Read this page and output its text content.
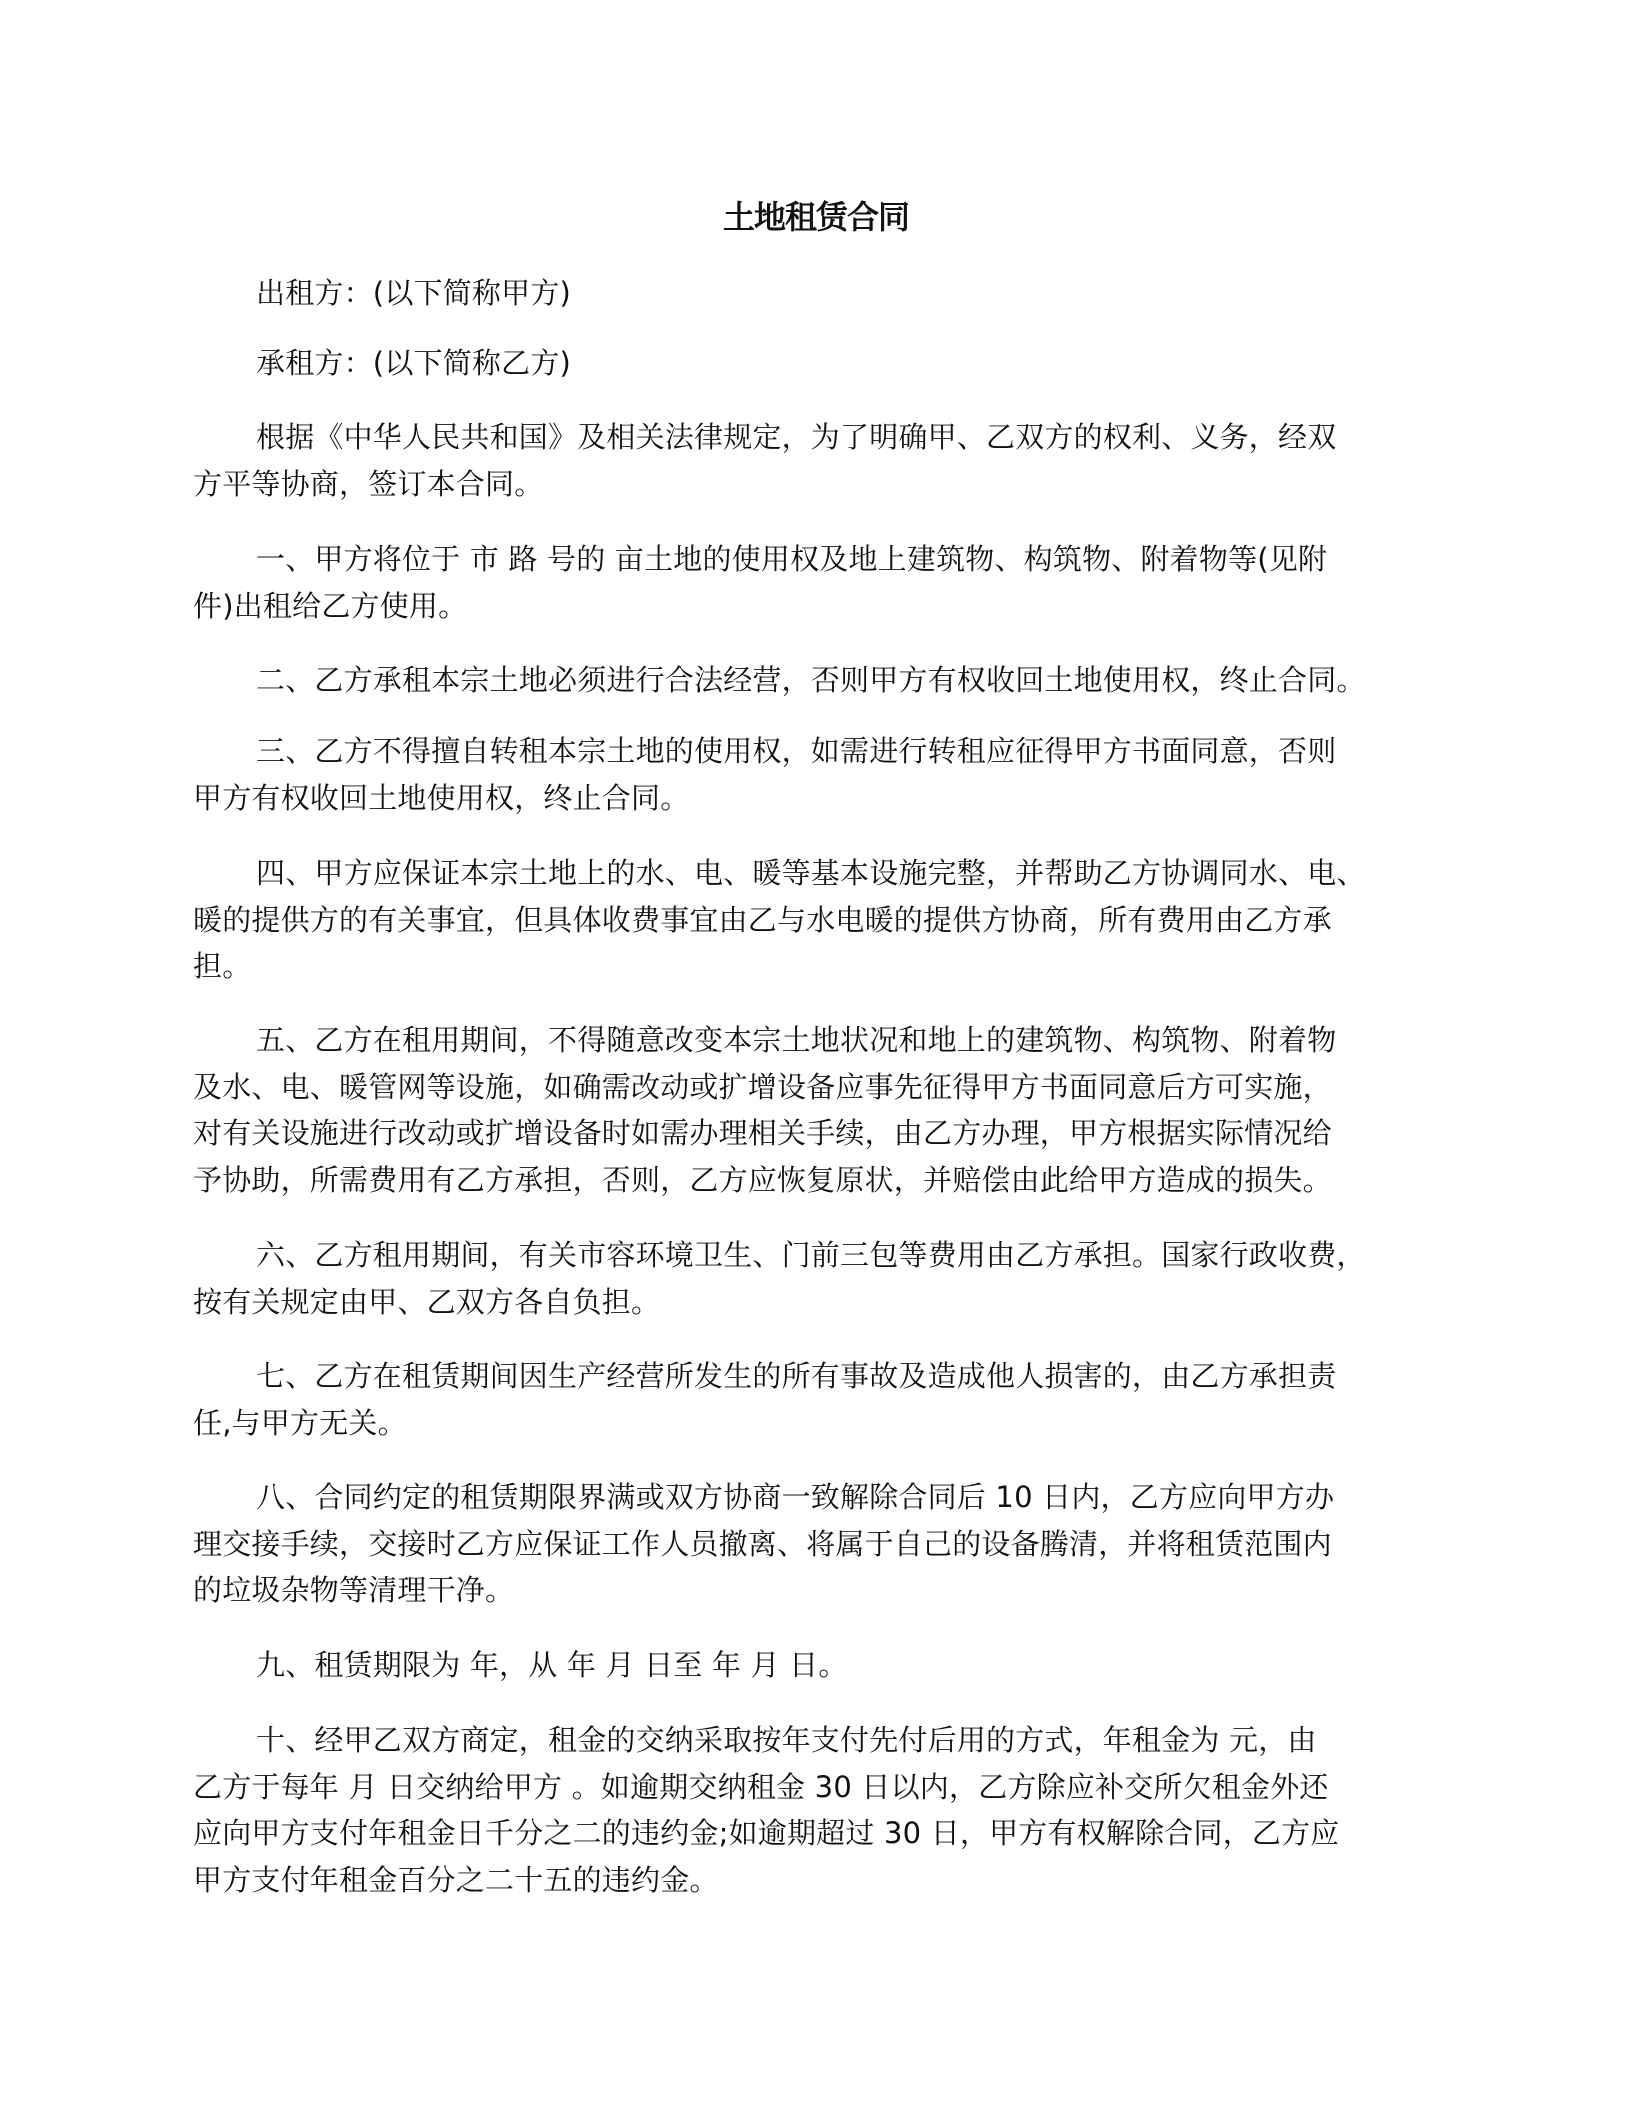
土地租赁合同
出租方：(以下简称甲方)
承租方：(以下简称乙方)
根据《中华人民共和国》及相关法律规定，为了明确甲、乙双方的权利、义务，经双
方平等协商，签订本合同。
一、甲方将位于 市 路 号的 亩土地的使用权及地上建筑物、构筑物、附着物等(见附
件)出租给乙方使用。
二、乙方承租本宗土地必须进行合法经营，否则甲方有权收回土地使用权，终止合同。
三、乙方不得擅自转租本宗土地的使用权，如需进行转租应征得甲方书面同意，否则
甲方有权收回土地使用权，终止合同。
四、甲方应保证本宗土地上的水、电、暖等基本设施完整，并帮助乙方协调同水、电、
暖的提供方的有关事宜，但具体收费事宜由乙与水电暖的提供方协商，所有费用由乙方承
担。
五、乙方在租用期间，不得随意改变本宗土地状况和地上的建筑物、构筑物、附着物
及水、电、暖管网等设施，如确需改动或扩增设备应事先征得甲方书面同意后方可实施，
对有关设施进行改动或扩增设备时如需办理相关手续，由乙方办理，甲方根据实际情况给
予协助，所需费用有乙方承担，否则，乙方应恢复原状，并赔偿由此给甲方造成的损失。
六、乙方租用期间，有关市容环境卫生、门前三包等费用由乙方承担。国家行政收费，
按有关规定由甲、乙双方各自负担。
七、乙方在租赁期间因生产经营所发生的所有事故及造成他人损害的，由乙方承担责
任,与甲方无关。
八、合同约定的租赁期限界满或双方协商一致解除合同后 10 日内，乙方应向甲方办
理交接手续，交接时乙方应保证工作人员撤离、将属于自己的设备腾清，并将租赁范围内
的垃圾杂物等清理干净。
九、租赁期限为 年，从 年 月 日至 年 月 日。
十、经甲乙双方商定，租金的交纳采取按年支付先付后用的方式，年租金为 元，由
乙方于每年 月 日交纳给甲方 。如逾期交纳租金 30 日以内，乙方除应补交所欠租金外还
应向甲方支付年租金日千分之二的违约金;如逾期超过 30 日，甲方有权解除合同，乙方应
甲方支付年租金百分之二十五的违约金。
